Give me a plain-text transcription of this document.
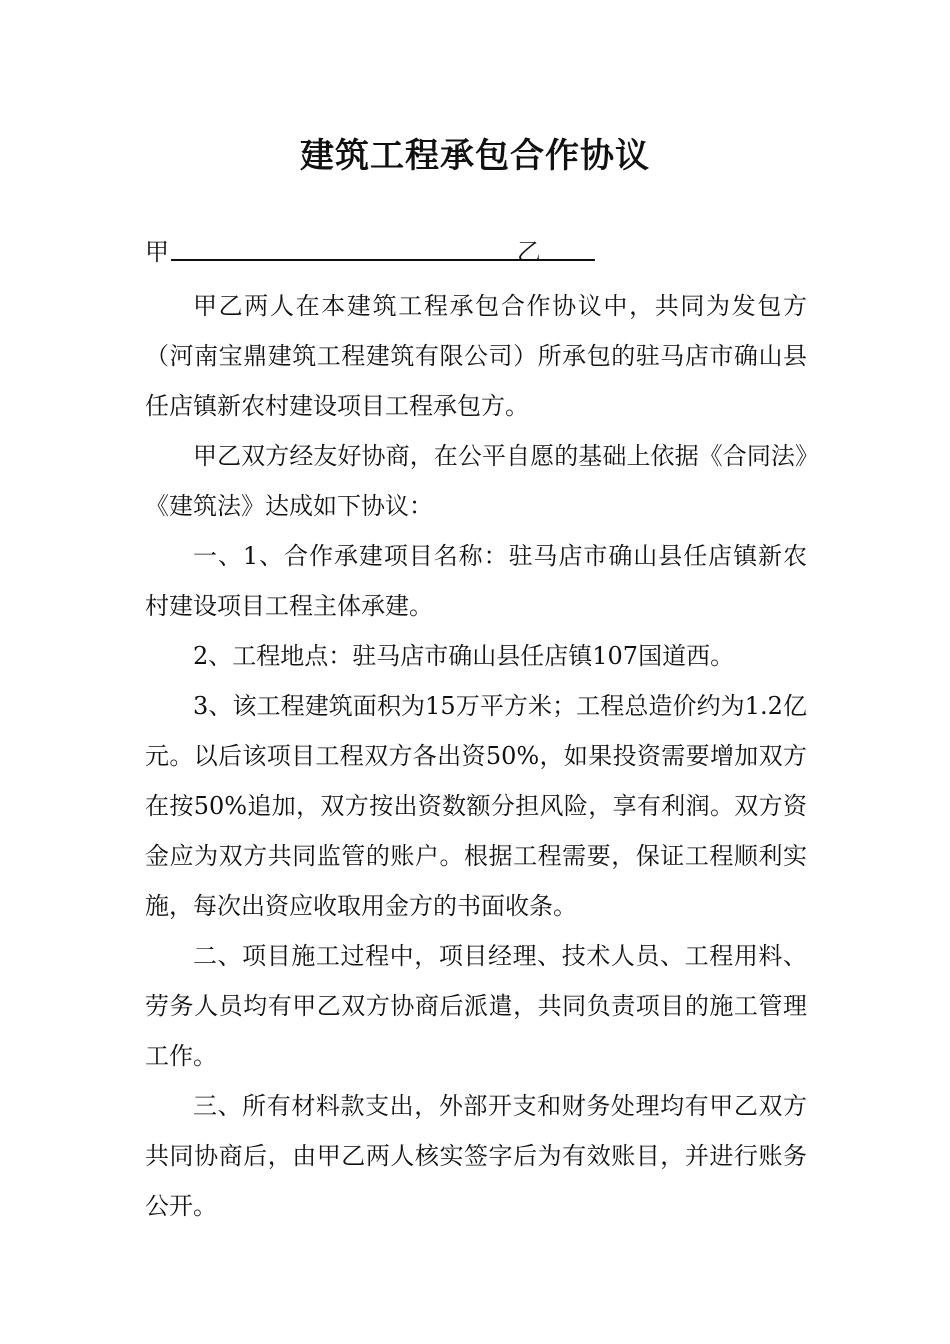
建筑工程承包合作协议
甲	乙

甲乙两人在本建筑工程承包合作协议中，共同为发包方（河南宝鼎建筑工程建筑有限公司）所承包的驻马店市确山县任店镇新农村建设项目工程承包方。

甲乙双方经友好协商，在公平自愿的基础上依据《合同法》《建筑法》达成如下协议：

一、1、合作承建项目名称：驻马店市确山县任店镇新农村建设项目工程主体承建。

2、工程地点：驻马店市确山县任店镇107国道西。

3、该工程建筑面积为15万平方米；工程总造价约为1.2亿元。以后该项目工程双方各出资50%，如果投资需要增加双方在按50%追加，双方按出资数额分担风险，享有利润。双方资金应为双方共同监管的账户。根据工程需要，保证工程顺利实施，每次出资应收取用金方的书面收条。

二、项目施工过程中，项目经理、技术人员、工程用料、劳务人员均有甲乙双方协商后派遣，共同负责项目的施工管理工作。

三、所有材料款支出，外部开支和财务处理均有甲乙双方共同协商后，由甲乙两人核实签字后为有效账目，并进行账务公开。
